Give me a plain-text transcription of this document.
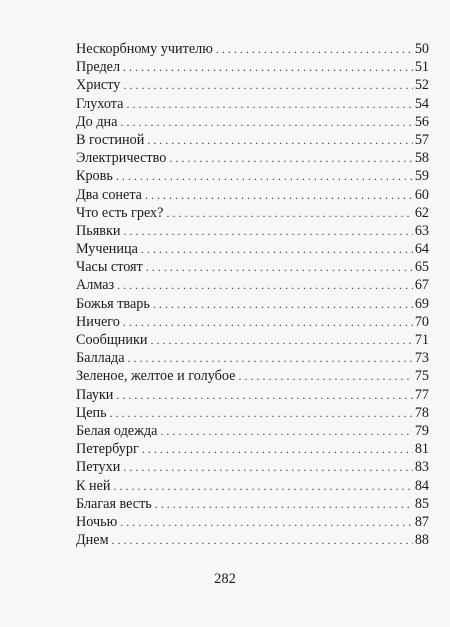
Нескорбному учителю . . .	50
Предел . . .	51
Христу . . .	52
Глухота . . .	54
До дна . . .	56
В гостиной . . .	57
Электричество . . .	58
Кровь . . .	59
Два сонета . . .	60
Что есть грех? . . .	62
Пьявки . . .	63
Мученица . . .	64
Часы стоят . . .	65
Алмаз . . .	67
Божья тварь . . .	69
Ничего . . .	70
Сообщники . . .	71
Баллада . . .	73
Зеленое, желтое и голубое . . .	75
Пауки . . .	77
Цепь . . .	78
Белая одежда . . .	79
Петербург . . .	81
Петухи . . .	83
К ней . . .	84
Благая весть . . .	85
Ночью . . .	87
Днем . . .	88
282
